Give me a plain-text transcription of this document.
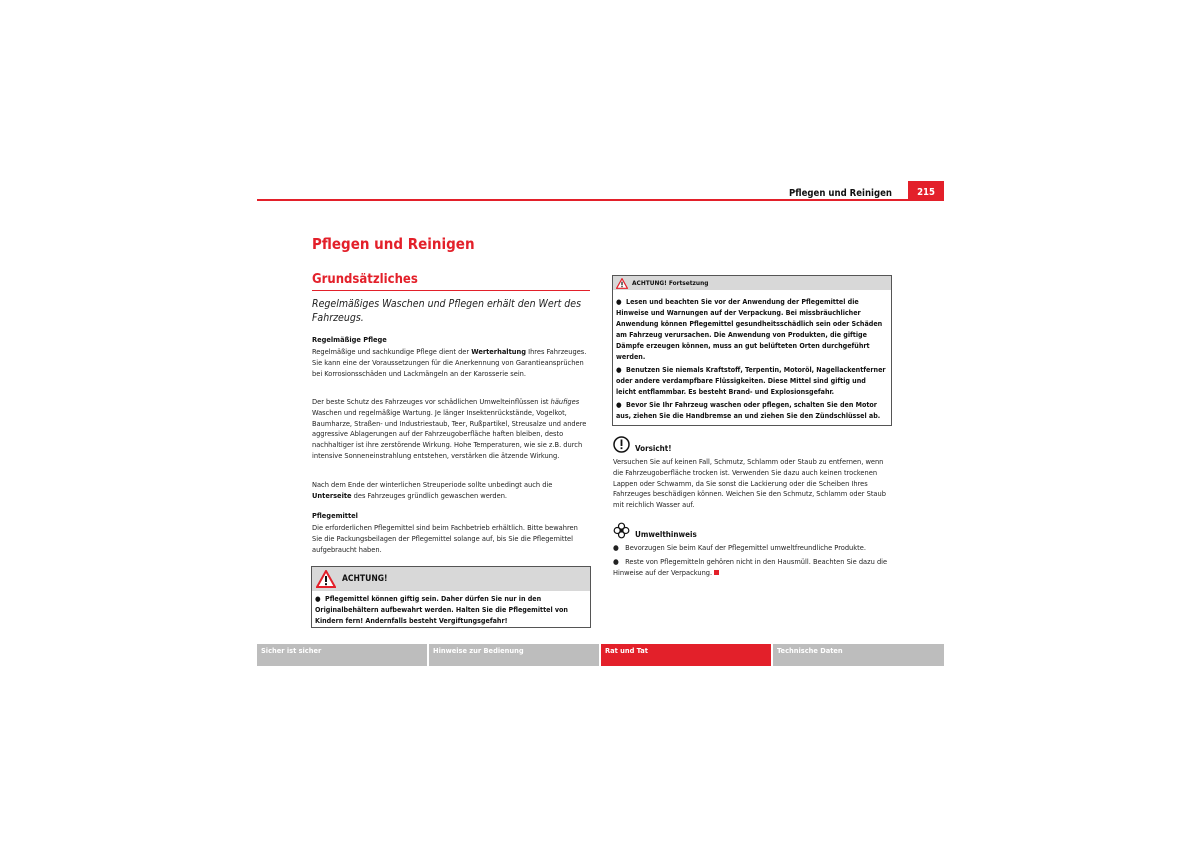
Pflegen und Reinigen	215
Pflegen und Reinigen
Grundsätzliches
Regelmäßiges Waschen und Pflegen erhält den Wert des Fahrzeugs.
Regelmäßige Pflege
Regelmäßige und sachkundige Pflege dient der Werterhaltung Ihres Fahrzeuges. Sie kann eine der Voraussetzungen für die Anerkennung von Garantieansprüchen bei Korrosionsschäden und Lackmängeln an der Karosserie sein.
Der beste Schutz des Fahrzeuges vor schädlichen Umwelteinflüssen ist häufiges Waschen und regelmäßige Wartung. Je länger Insektenrückstände, Vogelkot, Baumharze, Straßen- und Industriestaub, Teer, Rußpartikel, Streusalze und andere aggressive Ablagerungen auf der Fahrzeugoberfläche haften bleiben, desto nachhaltiger ist ihre zerstörende Wirkung. Hohe Temperaturen, wie sie z.B. durch intensive Sonneneinstrahlung entstehen, verstärken die ätzende Wirkung.
Nach dem Ende der winterlichen Streuperiode sollte unbedingt auch die Unterseite des Fahrzeuges gründlich gewaschen werden.
Pflegemittel
Die erforderlichen Pflegemittel sind beim Fachbetrieb erhältlich. Bitte bewahren Sie die Packungsbeilagen der Pflegemittel solange auf, bis Sie die Pflegemittel aufgebraucht haben.
ACHTUNG!
●  Pflegemittel können giftig sein. Daher dürfen Sie nur in den Originalbehältern aufbewahrt werden. Halten Sie die Pflegemittel von Kindern fern! Andernfalls besteht Vergiftungsgefahr!
ACHTUNG! Fortsetzung
●  Lesen und beachten Sie vor der Anwendung der Pflegemittel die Hinweise und Warnungen auf der Verpackung. Bei missbräuchlicher Anwendung können Pflegemittel gesundheitsschädlich sein oder Schäden am Fahrzeug verursachen. Die Anwendung von Produkten, die giftige Dämpfe erzeugen können, muss an gut belüfteten Orten durchgeführt werden.
●  Benutzen Sie niemals Kraftstoff, Terpentin, Motoröl, Nagellackentferner oder andere verdampfbare Flüssigkeiten. Diese Mittel sind giftig und leicht entflammbar. Es besteht Brand- und Explosionsgefahr.
●  Bevor Sie Ihr Fahrzeug waschen oder pflegen, schalten Sie den Motor aus, ziehen Sie die Handbremse an und ziehen Sie den Zündschlüssel ab.
Vorsicht!
Versuchen Sie auf keinen Fall, Schmutz, Schlamm oder Staub zu entfernen, wenn die Fahrzeugoberfläche trocken ist. Verwenden Sie dazu auch keinen trockenen Lappen oder Schwamm, da Sie sonst die Lackierung oder die Scheiben Ihres Fahrzeuges beschädigen können. Weichen Sie den Schmutz, Schlamm oder Staub mit reichlich Wasser auf.
Umwelthinweis
●   Bevorzugen Sie beim Kauf der Pflegemittel umweltfreundliche Produkte.
●   Reste von Pflegemitteln gehören nicht in den Hausmüll. Beachten Sie dazu die Hinweise auf der Verpackung.
Sicher ist sicher	Hinweise zur Bedienung	Rat und Tat	Technische Daten
